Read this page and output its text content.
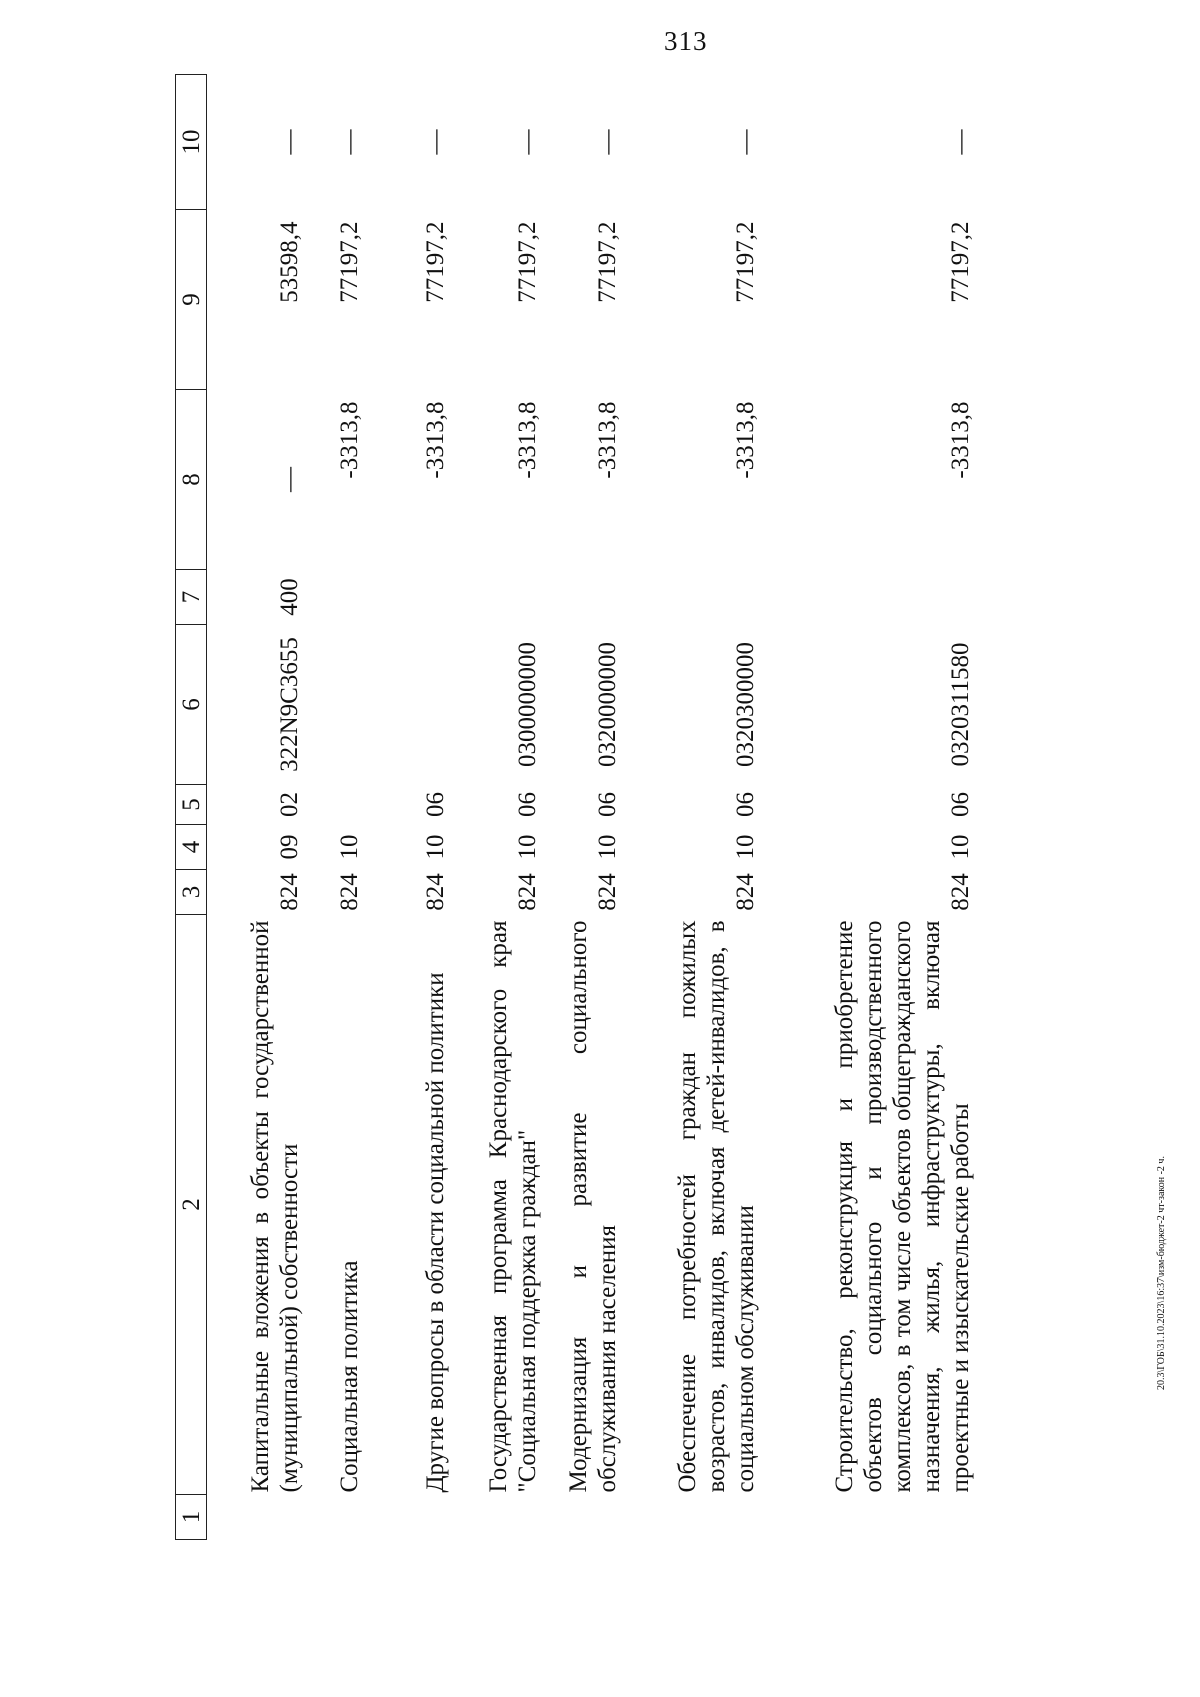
313
1	2	3	4	5	6	7	8	9	10
	Капитальные вложения в объекты государственной (муниципальной) собственности	824	09	02	322N9С3655	400	—	53598,4	—
	Социальная политика	824	10				-3313,8	77197,2	—
	Другие вопросы в области социальной политики	824	10	06			-3313,8	77197,2	—
	Государственная программа Краснодарского края "Социальная поддержка граждан"	824	10	06	0300000000		-3313,8	77197,2	—
	Модернизация и развитие социального обслуживания населения	824	10	06	0320000000		-3313,8	77197,2	—
	Обеспечение потребностей граждан пожилых возрастов, инвалидов, включая детей-инвалидов, в социальном обслуживании	824	10	06	0320300000		-3313,8	77197,2	—
	Строительство, реконструкция и приобретение объектов социального и производственного комплексов, в том числе объектов общегражданского назначения, жилья, инфраструктуры, включая проектные и изыскательские работы	824	10	06	0320311580		-3313,8	77197,2	—
20.3\ГОБ\31.10.2023\16:37\изм-бюджет-2 чт-закон -2 ч.
